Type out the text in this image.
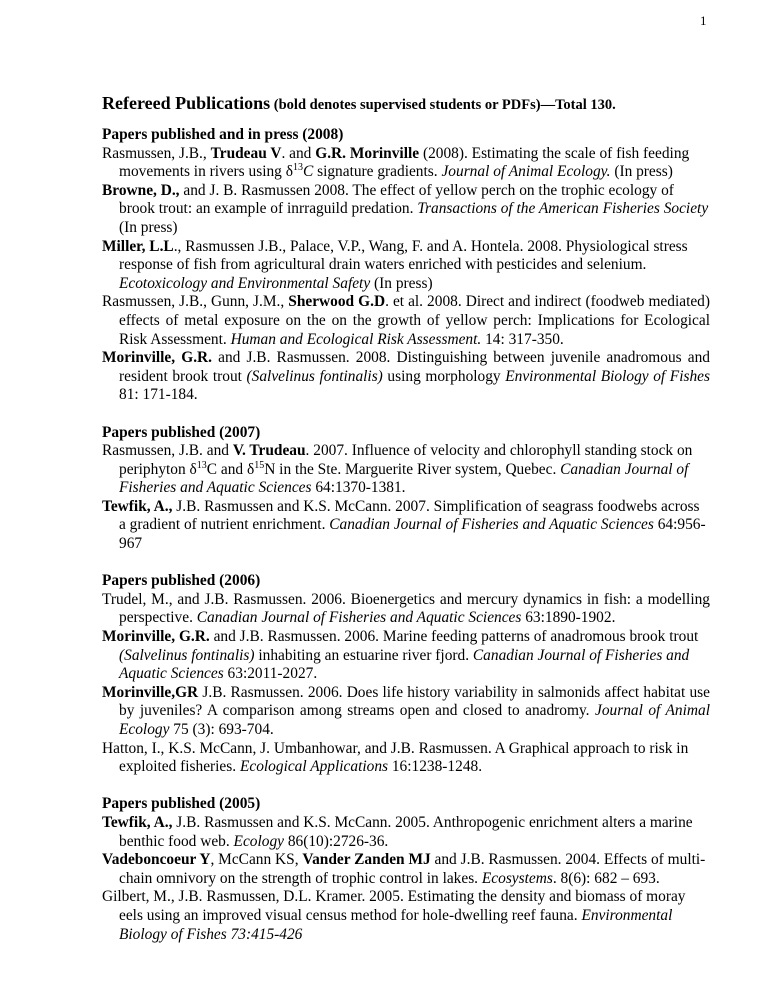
1
Refereed Publications (bold denotes supervised students or PDFs)—Total 130.
Papers published and in press (2008)
Rasmussen, J.B., Trudeau V. and G.R. Morinville (2008). Estimating the scale of fish feeding movements in rivers using $\delta^{13}C$ signature gradients. Journal of Animal Ecology. (In press)
Browne, D., and J. B. Rasmussen 2008. The effect of yellow perch on the trophic ecology of brook trout: an example of inrraguild predation. Transactions of the American Fisheries Society (In press)
Miller, L.L., Rasmussen J.B., Palace, V.P., Wang, F. and A. Hontela. 2008. Physiological stress response of fish from agricultural drain waters enriched with pesticides and selenium. Ecotoxicology and Environmental Safety (In press)
Rasmussen, J.B., Gunn, J.M., Sherwood G.D. et al. 2008. Direct and indirect (foodweb mediated) effects of metal exposure on the on the growth of yellow perch: Implications for Ecological Risk Assessment. Human and Ecological Risk Assessment. 14: 317-350.
Morinville, G.R. and J.B. Rasmussen. 2008. Distinguishing between juvenile anadromous and resident brook trout (Salvelinus fontinalis) using morphology Environmental Biology of Fishes 81: 171-184.
Papers published (2007)
Rasmussen, J.B. and V. Trudeau. 2007. Influence of velocity and chlorophyll standing stock on periphyton $\delta^{13}C$ and $\delta^{15}N$ in the Ste. Marguerite River system, Quebec. Canadian Journal of Fisheries and Aquatic Sciences 64:1370-1381.
Tewfik, A., J.B. Rasmussen and K.S. McCann. 2007. Simplification of seagrass foodwebs across a gradient of nutrient enrichment. Canadian Journal of Fisheries and Aquatic Sciences 64:956-967
Papers published (2006)
Trudel, M., and J.B. Rasmussen. 2006. Bioenergetics and mercury dynamics in fish: a modelling perspective. Canadian Journal of Fisheries and Aquatic Sciences 63:1890-1902.
Morinville, G.R. and J.B. Rasmussen. 2006. Marine feeding patterns of anadromous brook trout (Salvelinus fontinalis) inhabiting an estuarine river fjord. Canadian Journal of Fisheries and Aquatic Sciences 63:2011-2027.
Morinville,GR J.B. Rasmussen. 2006. Does life history variability in salmonids affect habitat use by juveniles? A comparison among streams open and closed to anadromy. Journal of Animal Ecology 75 (3): 693-704.
Hatton, I., K.S. McCann, J. Umbanhowar, and J.B. Rasmussen. A Graphical approach to risk in exploited fisheries. Ecological Applications 16:1238-1248.
Papers published (2005)
Tewfik, A., J.B. Rasmussen and K.S. McCann. 2005. Anthropogenic enrichment alters a marine benthic food web. Ecology 86(10):2726-36.
Vadeboncoeur Y, McCann KS, Vander Zanden MJ and J.B. Rasmussen. 2004. Effects of multi-chain omnivory on the strength of trophic control in lakes. Ecosystems. 8(6): 682 – 693.
Gilbert, M., J.B. Rasmussen, D.L. Kramer. 2005. Estimating the density and biomass of moray eels using an improved visual census method for hole-dwelling reef fauna. Environmental Biology of Fishes 73:415-426
